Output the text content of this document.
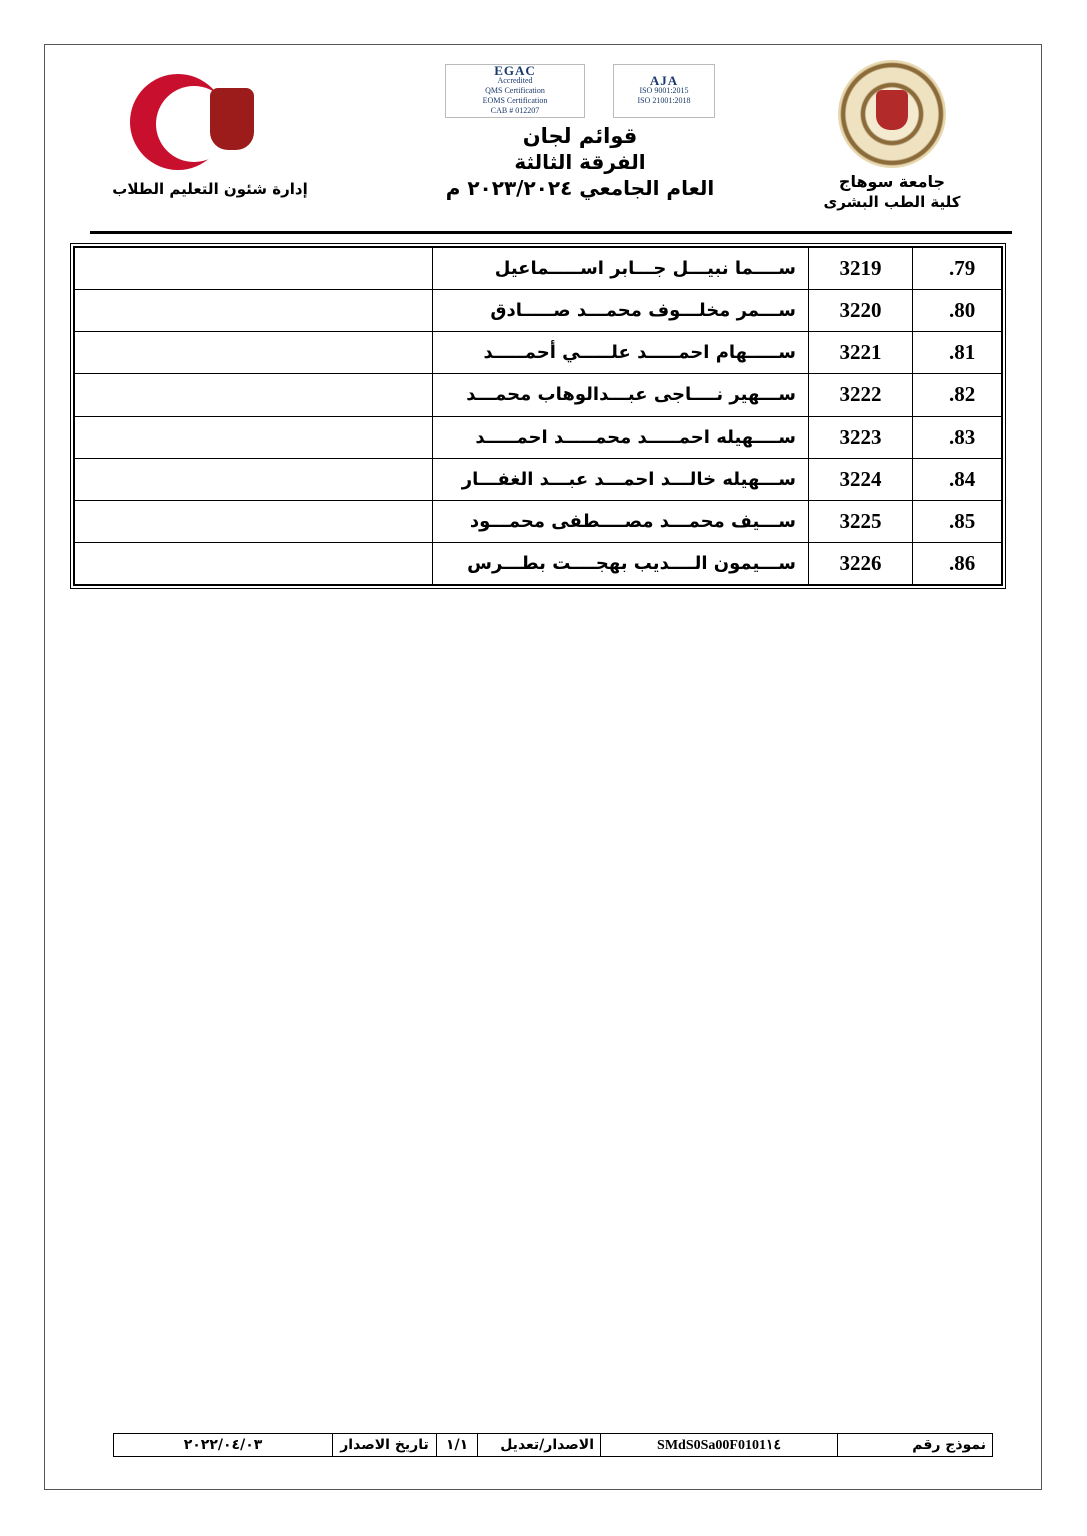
جامعة سوهاج
كلية الطب البشرى
EGAC
Accredited
QMS Certification
EOMS Certification
CAB # 012207
AJA
ISO 9001:2015
ISO 21001:2018
قوائم لجان
الفرقة الثالثة
العام الجامعي ٢٠٢٣/٢٠٢٤ م
إدارة شئون التعليم الطلاب
.79	3219	ســــما نبيـــل جـــابر اســـــماعيل	
.80	3220	ســـمر مخلـــوف محمـــد صـــــادق	
.81	3221	ســـــهام احمـــــد علـــــي أحمـــــد	
.82	3222	ســـهير نــــاجى عبـــدالوهاب محمـــد	
.83	3223	ســــهيله احمـــــد محمـــــد احمـــــد	
.84	3224	ســـهيله خالـــد احمـــد عبـــد الغفـــار	
.85	3225	ســـيف محمـــد مصــــطفى محمـــود	
.86	3226	ســـيمون الــــديب بهجــــت بطـــرس	
نموذج رقم
SMdS0Sa00F0101١٤
الاصدار/تعديل
١/١
تاريخ الاصدار
٢٠٢٢/٠٤/٠٣
